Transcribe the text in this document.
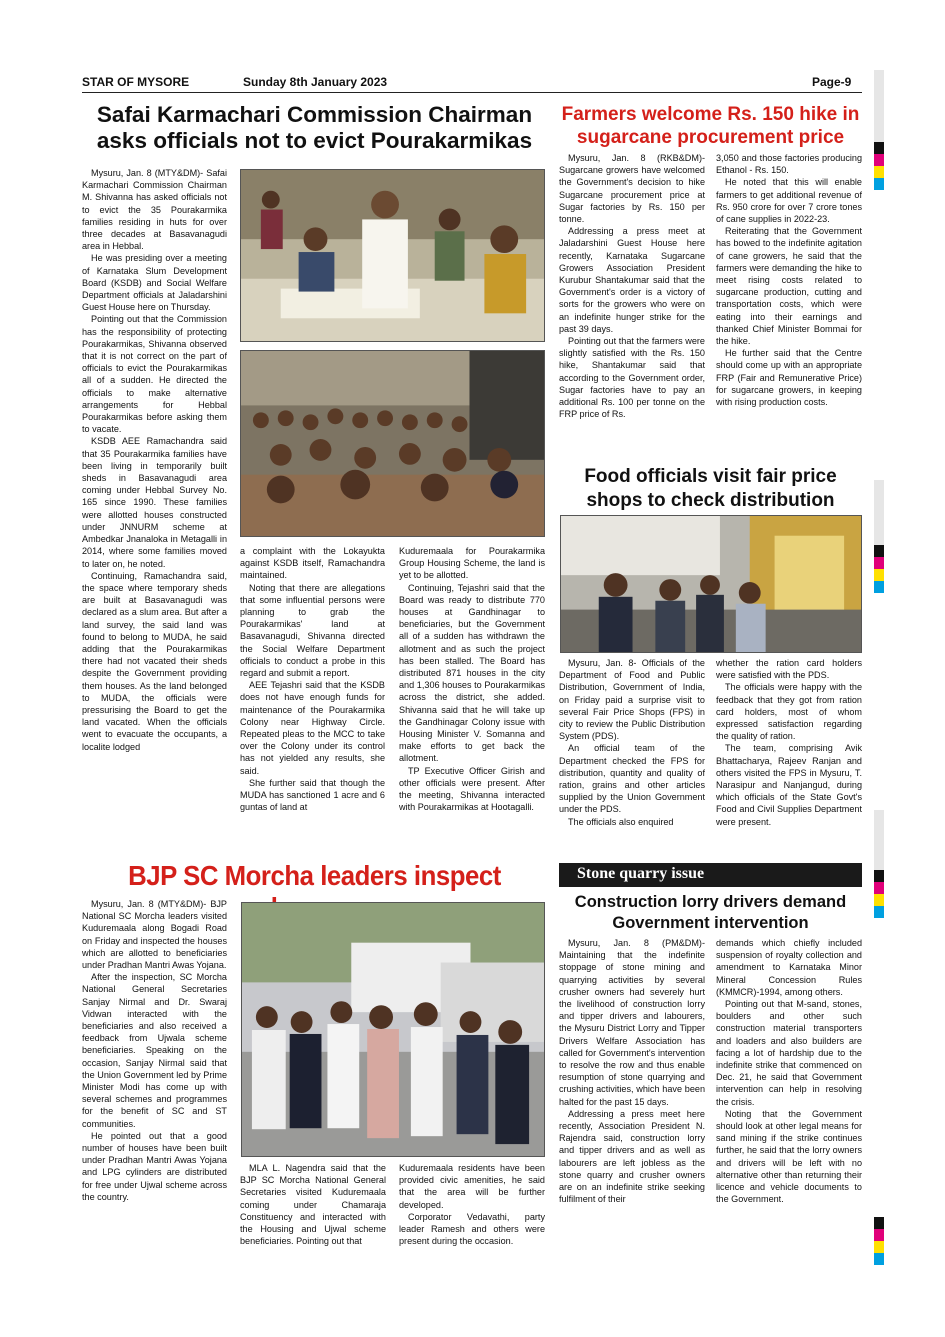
STAR OF MYSORE	Sunday 8th January 2023	Page-9
Safai Karmachari Commission Chairman
asks officials not to evict Pourakarmikas

Mysuru, Jan. 8 (MTY&DM)- Safai Karmachari Commission Chairman M. Shivanna has asked officials not to evict the 35 Pourakarmika families residing in huts for over three decades at Basavanagudi area in Hebbal.

He was presiding over a meeting of Karnataka Slum Development Board (KSDB) and Social Welfare Department officials at Jaladarshini Guest House here on Thursday.

Pointing out that the Commission has the responsibility of protecting Pourakarmikas, Shivanna observed that it is not correct on the part of officials to evict the Pourakarmikas all of a sudden. He directed the officials to make alternative arrangements for Hebbal Pourakarmikas before asking them to vacate.

KSDB AEE Ramachandra said that 35 Pourakarmika families have been living in temporarily built sheds in Basavanagudi area coming under Hebbal Survey No. 165 since 1990. These families were allotted houses constructed under JNNURM scheme at Ambedkar Jnanaloka in Metagalli in 2014, where some families moved to later on, he noted.

Continuing, Ramachandra said, the space where temporary sheds are built at Basavanagudi was declared as a slum area. But after a land survey, the said land was found to belong to MUDA, he said adding that the Pourakarmikas there had not vacated their sheds despite the Government providing them houses. As the land belonged to MUDA, the officials were pressurising the Board to get the land vacated. When the officials went to evacuate the occupants, a localite lodged

a complaint with the Lokayukta against KSDB itself, Ramachandra maintained.

Noting that there are allegations that some influential persons were planning to grab the Pourakarmikas' land at Basavanagudi, Shivanna directed the Social Welfare Department officials to conduct a probe in this regard and submit a report.

AEE Tejashri said that the KSDB does not have enough funds for maintenance of the Pourakarmika Colony near Highway Circle. Repeated pleas to the MCC to take over the Colony under its control has not yielded any results, she said.

She further said that though the MUDA has sanctioned 1 acre and 6 guntas of land at

Kuduremaala for Pourakarmika Group Housing Scheme, the land is yet to be allotted.

Continuing, Tejashri said that the Board was ready to distribute 770 houses at Gandhinagar to beneficiaries, but the Government all of a sudden has withdrawn the allotment and as such the project has been stalled. The Board has distributed 871 houses in the city and 1,306 houses to Pourakarmikas across the district, she added. Shivanna said that he will take up the Gandhinagar Colony issue with Housing Minister V. Somanna and make efforts to get back the allotment.

TP Executive Officer Girish and other officials were present. After the meeting, Shivanna interacted with Pourakarmikas at Hootagalli.

Farmers welcome Rs. 150 hike in
sugarcane procurement price

Mysuru, Jan. 8 (RKB&DM)- Sugarcane growers have welcomed the Government's decision to hike Sugarcane procurement price at Sugar factories by Rs. 150 per tonne.

Addressing a press meet at Jaladarshini Guest House here recently, Karnataka Sugarcane Growers Association President Kurubur Shantakumar said that the Government's order is a victory of sorts for the growers who were on an indefinite hunger strike for the past 39 days.

Pointing out that the farmers were slightly satisfied with the Rs. 150 hike, Shantakumar said that according to the Government order, Sugar factories have to pay an additional Rs. 100 per tonne on the FRP price of Rs.

3,050 and those factories producing Ethanol - Rs. 150.

He noted that this will enable farmers to get additional revenue of Rs. 950 crore for over 7 crore tones of cane supplies in 2022-23.

Reiterating that the Government has bowed to the indefinite agitation of cane growers, he said that the farmers were demanding the hike to meet rising costs related to sugarcane production, cutting and transportation costs, which were eating into their earnings and thanked Chief Minister Bommai for the hike.

He further said that the Centre should come up with an appropriate FRP (Fair and Remunerative Price) for sugarcane growers, in keeping with rising production costs.

Food officials visit fair price
shops to check distribution

Mysuru, Jan. 8- Officials of the Department of Food and Public Distribution, Government of India, on Friday paid a surprise visit to several Fair Price Shops (FPS) in city to review the Public Distribution System (PDS).

An official team of the Department checked the FPS for distribution, quantity and quality of ration, grains and other articles supplied by the Union Government under the PDS.

The officials also enquired

whether the ration card holders were satisfied with the PDS.

The officials were happy with the feedback that they got from ration card holders, most of whom expressed satisfaction regarding the quality of ration.

The team, comprising Avik Bhattacharya, Rajeev Ranjan and others visited the FPS in Mysuru, T. Narasipur and Nanjangud, during which officials of the State Govt's Food and Civil Supplies Department were present.

BJP SC Morcha leaders inspect

Mysuru, Jan. 8 (MTY&DM)- BJP National SC Morcha leaders visited Kuduremaala along Bogadi Road on Friday and inspected the houses which are allotted to beneficiaries under Pradhan Mantri Awas Yojana.

After the inspection, SC Morcha National General Secretaries Sanjay Nirmal and Dr. Swaraj Vidwan interacted with the beneficiaries and also received a feedback from Ujwala scheme beneficiaries. Speaking on the occasion, Sanjay Nirmal said that the Union Government led by Prime Minister Modi has come up with several schemes and programmes for the benefit of SC and ST communities.

He pointed out that a good number of houses have been built under Pradhan Mantri Awas Yojana and LPG cylinders are distributed for free under Ujwal scheme across the country.

MLA L. Nagendra said that the BJP SC Morcha National General Secretaries visited Kuduremaala coming under Chamaraja Constituency and interacted with the Housing and Ujwal scheme beneficiaries. Pointing out that

Kuduremaala residents have been provided civic amenities, he said that the area will be further developed.

Corporator Vedavathi, party leader Ramesh and others were present during the occasion.

Stone quarry issue
Construction lorry drivers demand
Government intervention

Mysuru, Jan. 8 (PM&DM)- Maintaining that the indefinite stoppage of stone mining and quarrying activities by several crusher owners had severely hurt the livelihood of construction lorry and tipper drivers and labourers, the Mysuru District Lorry and Tipper Drivers Welfare Association has called for Government's intervention to resolve the row and thus enable resumption of stone quarrying and crushing activities, which have been halted for the past 15 days.

Addressing a press meet here recently, Association President N. Rajendra said, construction lorry and tipper drivers and as well as labourers are left jobless as the stone quarry and crusher owners are on an indefinite strike seeking fulfilment of their

demands which chiefly included suspension of royalty collection and amendment to Karnataka Minor Mineral Concession Rules (KMMCR)-1994, among others.

Pointing out that M-sand, stones, boulders and other such construction material transporters and loaders and also builders are facing a lot of hardship due to the indefinite strike that commenced on Dec. 21, he said that Government intervention can help in resolving the crisis.

Noting that the Government should look at other legal means for sand mining if the strike continues further, he said that the lorry owners and drivers will be left with no alternative other than returning their licence and vehicle documents to the Government.
